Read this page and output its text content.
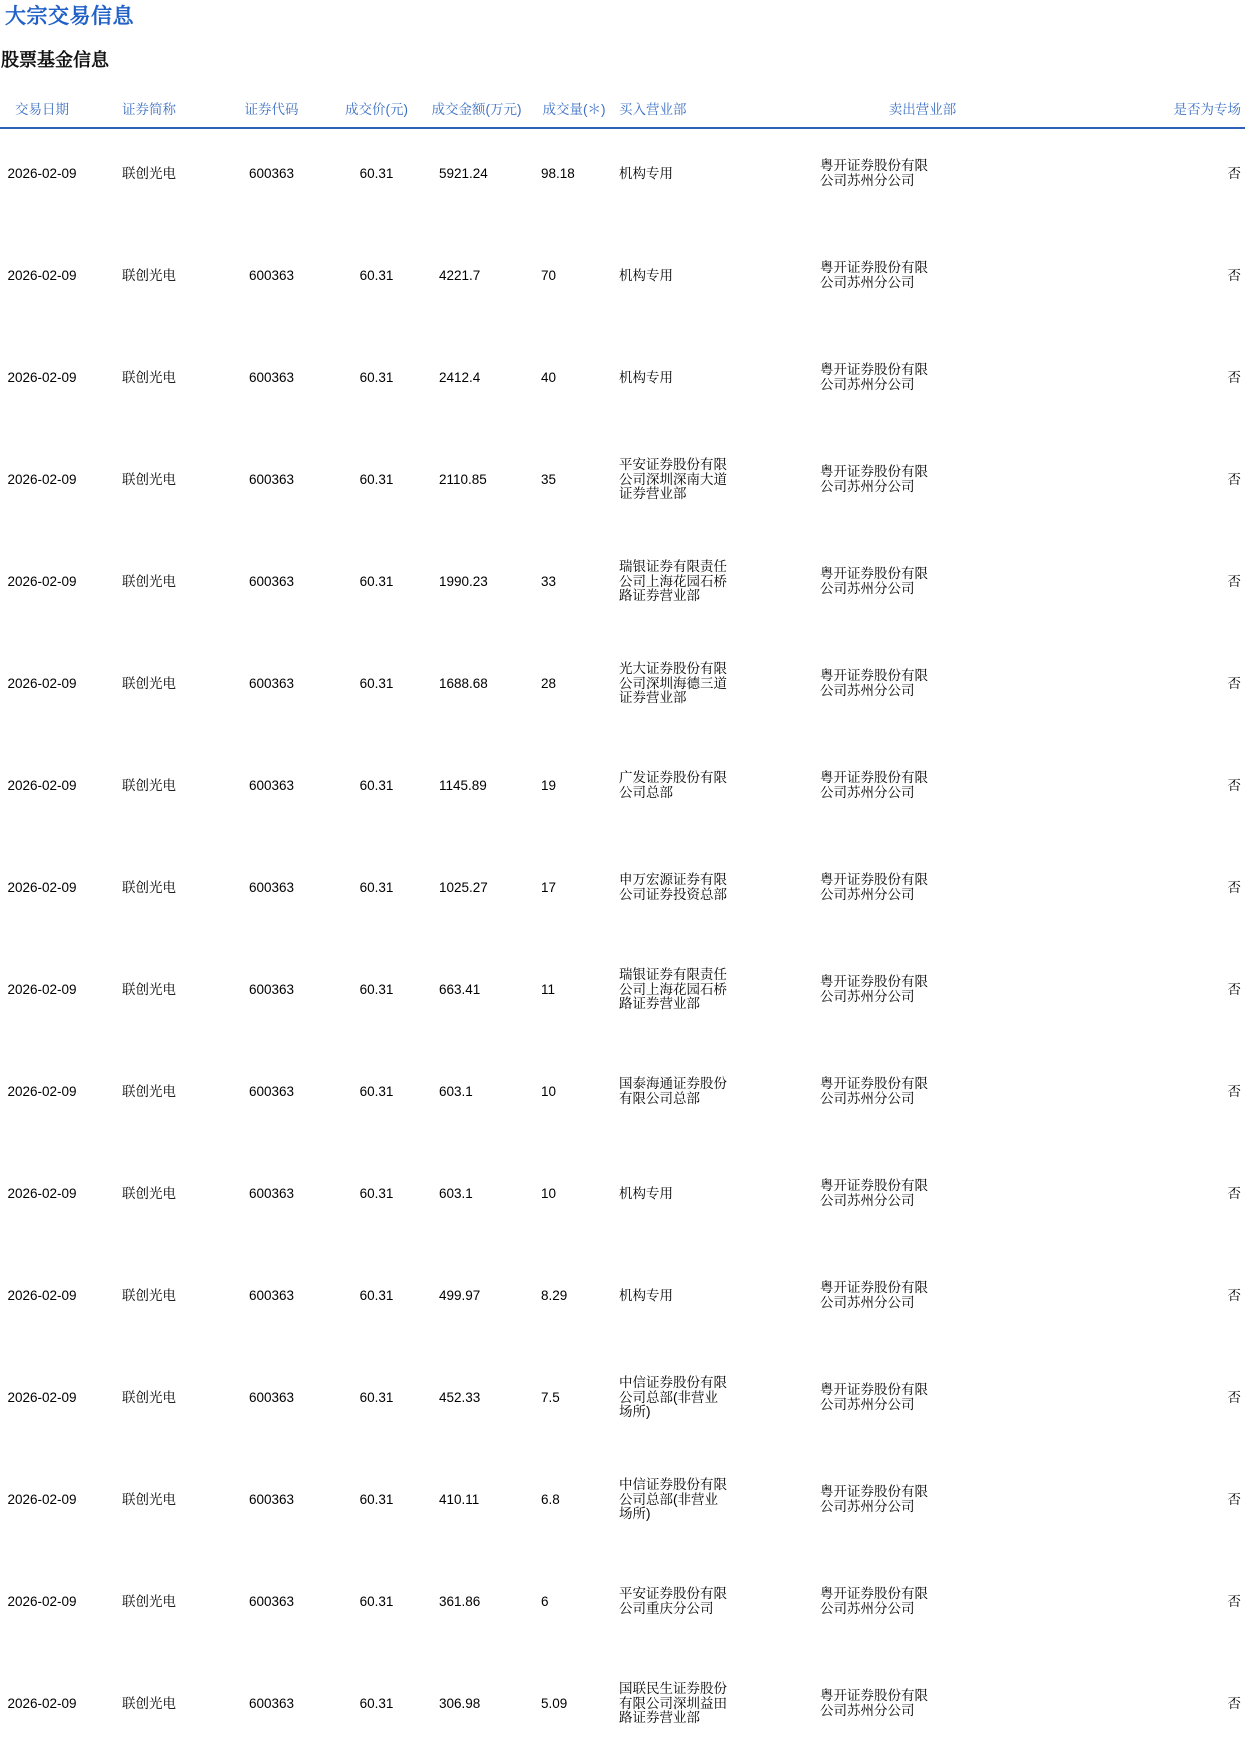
大宗交易信息
股票基金信息
交易日期	证券简称	证券代码	成交价(元)	成交金额(万元)	成交量(＊)	买入营业部	卖出营业部	是否为专场
2026-02-09	联创光电	600363	60.31	5921.24	98.18	机构专用	粤开证券股份有限公司苏州分公司	否
2026-02-09	联创光电	600363	60.31	4221.7	70	机构专用	粤开证券股份有限公司苏州分公司	否
2026-02-09	联创光电	600363	60.31	2412.4	40	机构专用	粤开证券股份有限公司苏州分公司	否
2026-02-09	联创光电	600363	60.31	2110.85	35	平安证券股份有限公司深圳深南大道证券营业部	粤开证券股份有限公司苏州分公司	否
2026-02-09	联创光电	600363	60.31	1990.23	33	瑞银证券有限责任公司上海花园石桥路证券营业部	粤开证券股份有限公司苏州分公司	否
2026-02-09	联创光电	600363	60.31	1688.68	28	光大证券股份有限公司深圳海德三道证券营业部	粤开证券股份有限公司苏州分公司	否
2026-02-09	联创光电	600363	60.31	1145.89	19	广发证券股份有限公司总部	粤开证券股份有限公司苏州分公司	否
2026-02-09	联创光电	600363	60.31	1025.27	17	申万宏源证券有限公司证券投资总部	粤开证券股份有限公司苏州分公司	否
2026-02-09	联创光电	600363	60.31	663.41	11	瑞银证券有限责任公司上海花园石桥路证券营业部	粤开证券股份有限公司苏州分公司	否
2026-02-09	联创光电	600363	60.31	603.1	10	国泰海通证券股份有限公司总部	粤开证券股份有限公司苏州分公司	否
2026-02-09	联创光电	600363	60.31	603.1	10	机构专用	粤开证券股份有限公司苏州分公司	否
2026-02-09	联创光电	600363	60.31	499.97	8.29	机构专用	粤开证券股份有限公司苏州分公司	否
2026-02-09	联创光电	600363	60.31	452.33	7.5	中信证券股份有限公司总部(非营业场所)	粤开证券股份有限公司苏州分公司	否
2026-02-09	联创光电	600363	60.31	410.11	6.8	中信证券股份有限公司总部(非营业场所)	粤开证券股份有限公司苏州分公司	否
2026-02-09	联创光电	600363	60.31	361.86	6	平安证券股份有限公司重庆分公司	粤开证券股份有限公司苏州分公司	否
2026-02-09	联创光电	600363	60.31	306.98	5.09	国联民生证券股份有限公司深圳益田路证券营业部	粤开证券股份有限公司苏州分公司	否
